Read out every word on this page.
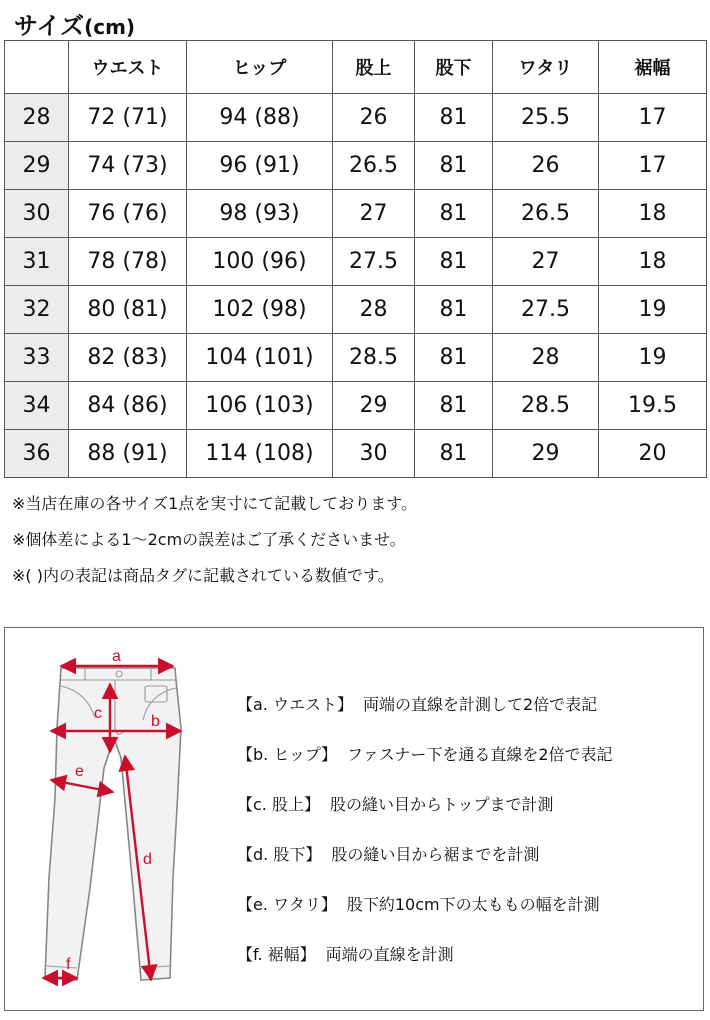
サイズ(cm)
	ウエスト	ヒップ	股上	股下	ワタリ	裾幅
28	72 (71)	94 (88)	26	81	25.5	17
29	74 (73)	96 (91)	26.5	81	26	17
30	76 (76)	98 (93)	27	81	26.5	18
31	78 (78)	100 (96)	27.5	81	27	18
32	80 (81)	102 (98)	28	81	27.5	19
33	82 (83)	104 (101)	28.5	81	28	19
34	84 (86)	106 (103)	29	81	28.5	19.5
36	88 (91)	114 (108)	30	81	29	20
※当店在庫の各サイズ1点を実寸にて記載しております。
※個体差による1〜2cmの誤差はご了承くださいませ。
※( )内の表記は商品タグに記載されている数値です。
a
b
c
d
e
f
【a. ウエスト】 両端の直線を計測して2倍で表記
【b. ヒップ】 ファスナー下を通る直線を2倍で表記
【c. 股上】 股の縫い目からトップまで計測
【d. 股下】 股の縫い目から裾までを計測
【e. ワタリ】 股下約10cm下の太ももの幅を計測
【f. 裾幅】 両端の直線を計測
